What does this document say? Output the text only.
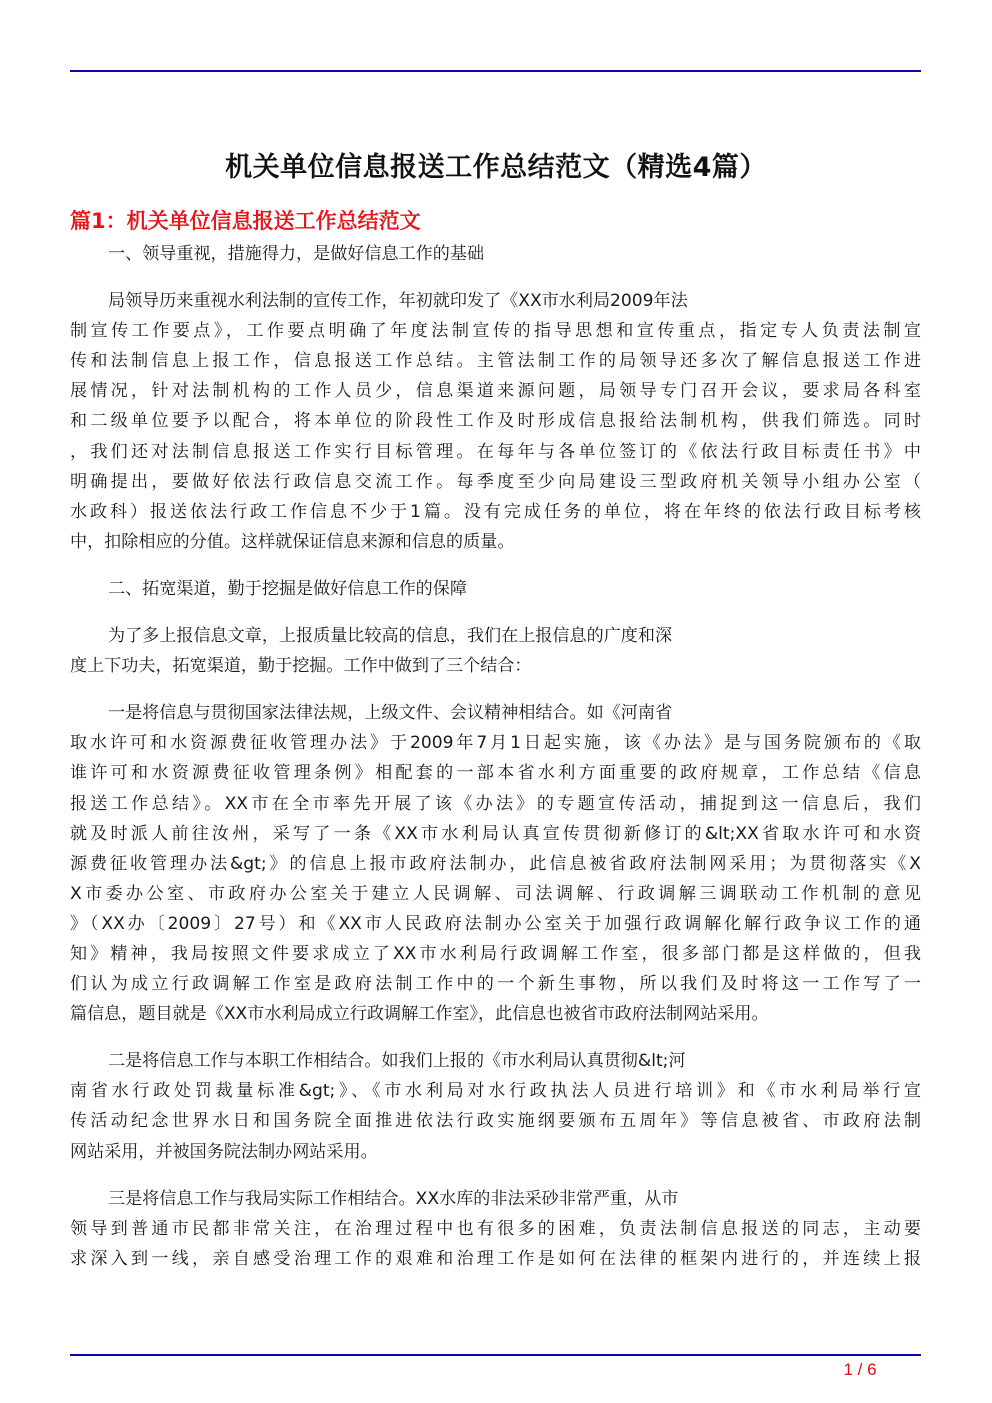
机关单位信息报送工作总结范文（精选4篇）
篇1：机关单位信息报送工作总结范文

一、领导重视，措施得力，是做好信息工作的基础

局领导历来重视水利法制的宣传工作，年初就印发了《XX市水利局2009年法
制宣传工作要点》，工作要点明确了年度法制宣传的指导思想和宣传重点，指定专人负责法制宣
传和法制信息上报工作，信息报送工作总结。主管法制工作的局领导还多次了解信息报送工作进
展情况，针对法制机构的工作人员少，信息渠道来源问题，局领导专门召开会议，要求局各科室
和二级单位要予以配合，将本单位的阶段性工作及时形成信息报给法制机构，供我们筛选。同时
，我们还对法制信息报送工作实行目标管理。在每年与各单位签订的《依法行政目标责任书》中
明确提出，要做好依法行政信息交流工作。每季度至少向局建设三型政府机关领导小组办公室（
水政科）报送依法行政工作信息不少于1篇。没有完成任务的单位，将在年终的依法行政目标考核
中，扣除相应的分值。这样就保证信息来源和信息的质量。

二、拓宽渠道，勤于挖掘是做好信息工作的保障

为了多上报信息文章，上报质量比较高的信息，我们在上报信息的广度和深
度上下功夫，拓宽渠道，勤于挖掘。工作中做到了三个结合：

一是将信息与贯彻国家法律法规，上级文件、会议精神相结合。如《河南省
取水许可和水资源费征收管理办法》于2009年7月1日起实施，该《办法》是与国务院颁布的《取
谁许可和水资源费征收管理条例》相配套的一部本省水利方面重要的政府规章，工作总结《信息
报送工作总结》。XX市在全市率先开展了该《办法》的专题宣传活动，捕捉到这一信息后，我们
就及时派人前往汝州，采写了一条《XX市水利局认真宣传贯彻新修订的&lt;XX省取水许可和水资
源费征收管理办法&gt;》的信息上报市政府法制办，此信息被省政府法制网采用；为贯彻落实《X
X市委办公室、市政府办公室关于建立人民调解、司法调解、行政调解三调联动工作机制的意见
》（XX办〔2009〕27号）和《XX市人民政府法制办公室关于加强行政调解化解行政争议工作的通
知》精神，我局按照文件要求成立了XX市水利局行政调解工作室，很多部门都是这样做的，但我
们认为成立行政调解工作室是政府法制工作中的一个新生事物，所以我们及时将这一工作写了一
篇信息，题目就是《XX市水利局成立行政调解工作室》，此信息也被省市政府法制网站采用。

二是将信息工作与本职工作相结合。如我们上报的《市水利局认真贯彻&lt;河
南省水行政处罚裁量标准&gt;》、《市水利局对水行政执法人员进行培训》和《市水利局举行宣
传活动纪念世界水日和国务院全面推进依法行政实施纲要颁布五周年》等信息被省、市政府法制
网站采用，并被国务院法制办网站采用。

三是将信息工作与我局实际工作相结合。XX水库的非法采砂非常严重，从市
领导到普通市民都非常关注，在治理过程中也有很多的困难，负责法制信息报送的同志，主动要
求深入到一线，亲自感受治理工作的艰难和治理工作是如何在法律的框架内进行的，并连续上报

1 / 6
